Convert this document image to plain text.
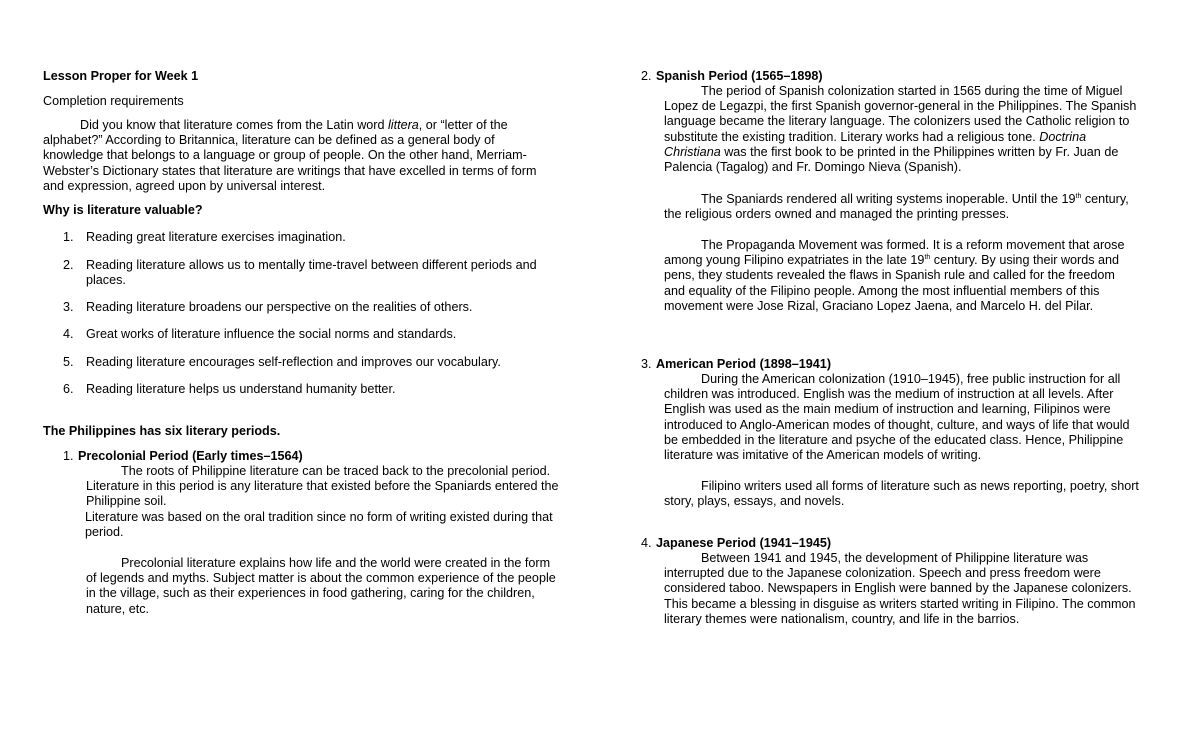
Lesson Proper for Week 1

Completion requirements

Did you know that literature comes from the Latin word littera, or “letter of the
alphabet?” According to Britannica, literature can be defined as a general body of
knowledge that belongs to a language or group of people. On the other hand, Merriam-
Webster’s Dictionary states that literature are writings that have excelled in terms of form
and expression, agreed upon by universal interest.

Why is literature valuable?

1. Reading great literature exercises imagination.
2. Reading literature allows us to mentally time-travel between different periods and
places.
3. Reading literature broadens our perspective on the realities of others.
4. Great works of literature influence the social norms and standards.
5. Reading literature encourages self-reflection and improves our vocabulary.
6. Reading literature helps us understand humanity better.

The Philippines has six literary periods.

1. Precolonial Period (Early times–1564)
The roots of Philippine literature can be traced back to the precolonial period.
Literature in this period is any literature that existed before the Spaniards entered the
Philippine soil.
Literature was based on the oral tradition since no form of writing existed during that
period.
Precolonial literature explains how life and the world were created in the form
of legends and myths. Subject matter is about the common experience of the people
in the village, such as their experiences in food gathering, caring for the children,
nature, etc.
2. Spanish Period (1565–1898)
The period of Spanish colonization started in 1565 during the time of Miguel
Lopez de Legazpi, the first Spanish governor-general in the Philippines. The Spanish
language became the literary language. The colonizers used the Catholic religion to
substitute the existing tradition. Literary works had a religious tone. Doctrina
Christiana was the first book to be printed in the Philippines written by Fr. Juan de
Palencia (Tagalog) and Fr. Domingo Nieva (Spanish).
The Spaniards rendered all writing systems inoperable. Until the 19th century,
the religious orders owned and managed the printing presses.
The Propaganda Movement was formed. It is a reform movement that arose
among young Filipino expatriates in the late 19th century. By using their words and
pens, they students revealed the flaws in Spanish rule and called for the freedom
and equality of the Filipino people. Among the most influential members of this
movement were Jose Rizal, Graciano Lopez Jaena, and Marcelo H. del Pilar.
3. American Period (1898–1941)
During the American colonization (1910–1945), free public instruction for all
children was introduced. English was the medium of instruction at all levels. After
English was used as the main medium of instruction and learning, Filipinos were
introduced to Anglo-American modes of thought, culture, and ways of life that would
be embedded in the literature and psyche of the educated class. Hence, Philippine
literature was imitative of the American models of writing.
Filipino writers used all forms of literature such as news reporting, poetry, short
story, plays, essays, and novels.
4. Japanese Period (1941–1945)
Between 1941 and 1945, the development of Philippine literature was
interrupted due to the Japanese colonization. Speech and press freedom were
considered taboo. Newspapers in English were banned by the Japanese colonizers.
This became a blessing in disguise as writers started writing in Filipino. The common
literary themes were nationalism, country, and life in the barrios.
